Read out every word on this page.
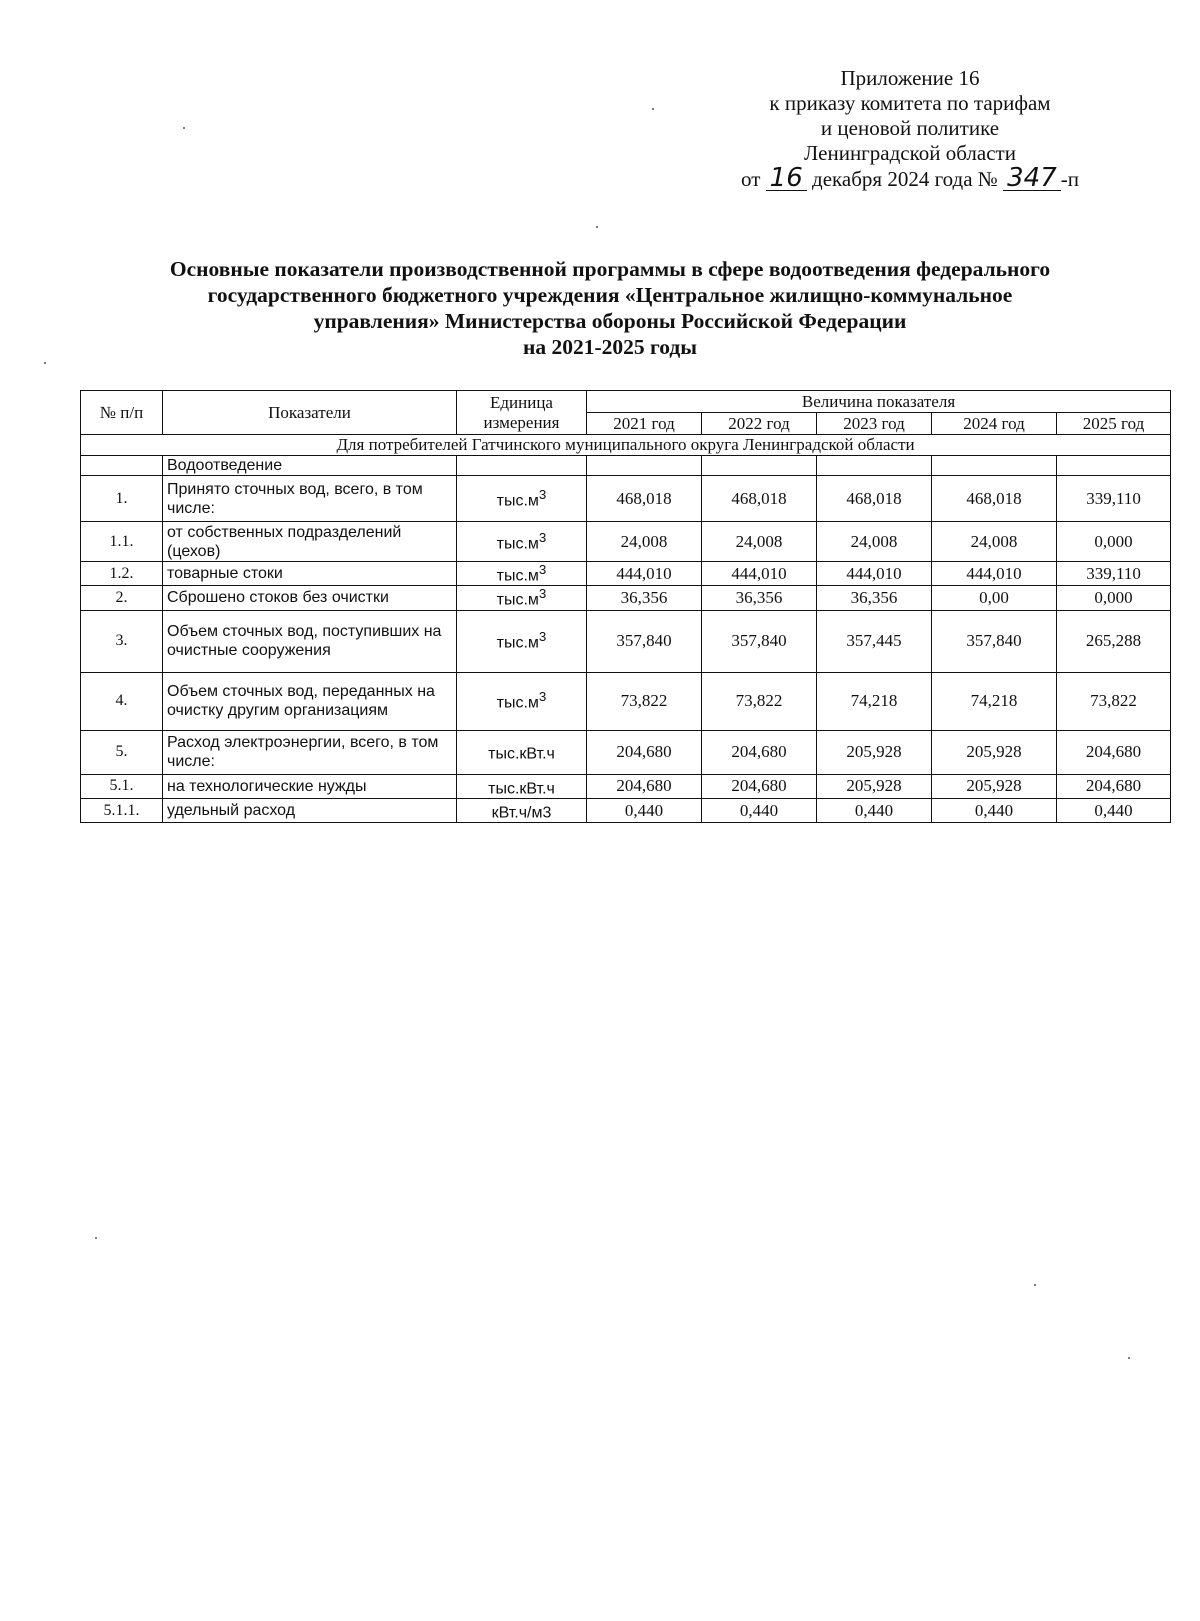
Приложение 16
к приказу комитета по тарифам
и ценовой политике
Ленинградской области
от 16 декабря 2024 года № 347 -п
Основные показатели производственной программы в сфере водоотведения федерального
государственного бюджетного учреждения «Центральное жилищно-коммунальное
управления» Министерства обороны Российской Федерации
на 2021-2025 годы
№ п/п	Показатели	Единица измерения	Величина показателя				
			2021 год	2022 год	2023 год	2024 год	2025 год
Для потребителей Гатчинского муниципального округа Ленинградской области							
	Водоотведение						
1.	Принято сточных вод, всего, в том числе:	$тыс.м^3$	468,018	468,018	468,018	468,018	339,110
1.1.	от собственных подразделений (цехов)	$тыс.м^3$	24,008	24,008	24,008	24,008	0,000
1.2.	товарные стоки	$тыс.м^3$	444,010	444,010	444,010	444,010	339,110
2.	Сброшено стоков без очистки	$тыс.м^3$	36,356	36,356	36,356	0,00	0,000
3.	Объем сточных вод, поступивших на очистные сооружения	$тыс.м^3$	357,840	357,840	357,445	357,840	265,288
4.	Объем сточных вод, переданных на очистку другим организациям	$тыс.м^3$	73,822	73,822	74,218	74,218	73,822
5.	Расход электроэнергии, всего, в том числе:	тыс.кВт.ч	204,680	204,680	205,928	205,928	204,680
5.1.	на технологические нужды	тыс.кВт.ч	204,680	204,680	205,928	205,928	204,680
5.1.1.	удельный расход	кВт.ч/м3	0,440	0,440	0,440	0,440	0,440
